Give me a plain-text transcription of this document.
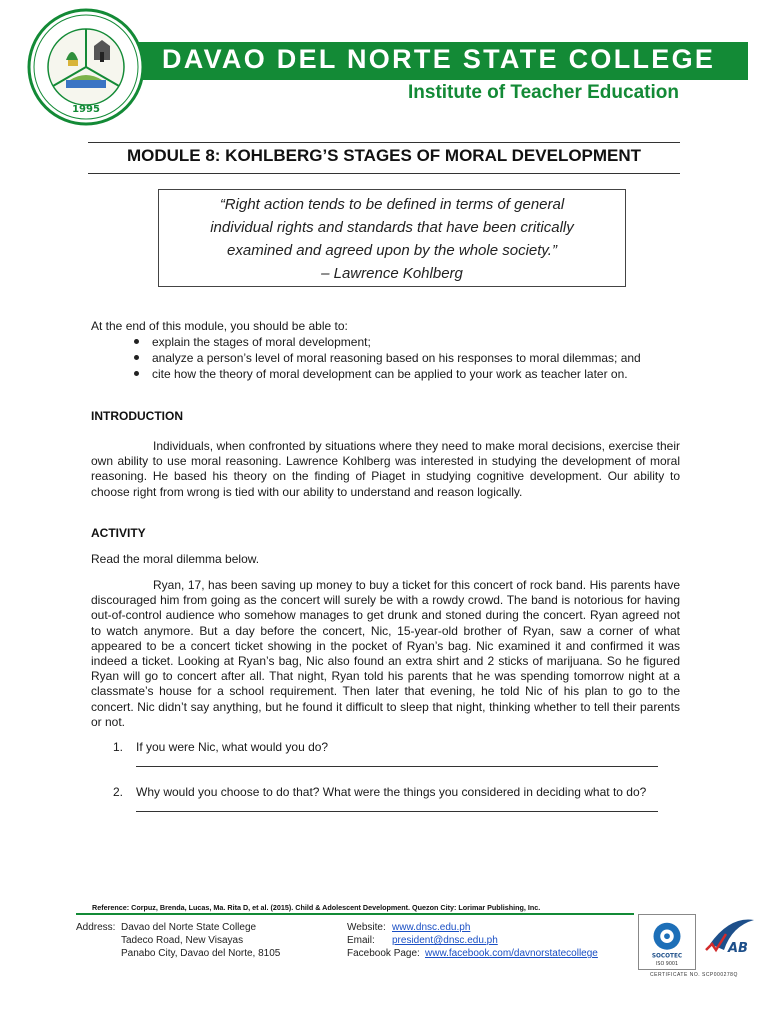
1995
DAVAO DEL NORTE STATE COLLEGE
Institute of Teacher Education
MODULE 8: KOHLBERG’S STAGES OF MORAL DEVELOPMENT
“Right action tends to be defined in terms of general
individual rights and standards that have been critically
examined and agreed upon by the whole society.”
– Lawrence Kohlberg
At the end of this module, you should be able to:
explain the stages of moral development;
analyze a person’s level of moral reasoning based on his responses to moral dilemmas; and
cite how the theory of moral development can be applied to your work as teacher later on.
INTRODUCTION
Individuals, when confronted by situations where they need to make moral decisions, exercise their own ability to use moral reasoning. Lawrence Kohlberg was interested in studying the development of moral reasoning. He based his theory on the finding of Piaget in studying cognitive development. Our ability to choose right from wrong is tied with our ability to understand and reason logically.
ACTIVITY
Read the moral dilemma below.
Ryan, 17, has been saving up money to buy a ticket for this concert of rock band. His parents have discouraged him from going as the concert will surely be with a rowdy crowd. The band is notorious for having out-of-control audience who somehow manages to get drunk and stoned during the concert. Ryan agreed not to watch anymore. But a day before the concert, Nic, 15-year-old brother of Ryan, saw a corner of what appeared to be a concert ticket showing in the pocket of Ryan’s bag. Nic examined it and confirmed it was indeed a ticket. Looking at Ryan’s bag, Nic also found an extra shirt and 2 sticks of marijuana. So he figured Ryan will go to concert after all. That night, Ryan told his parents that he was spending tomorrow night at a classmate’s house for a school requirement. Then later that evening, he told Nic of his plan to go to the concert. Nic didn’t say anything, but he found it difficult to sleep that night, thinking whether to tell their parents or not.
1. If you were Nic, what would you do?
2. Why would you choose to do that? What were the things you considered in deciding what to do?
Reference: Corpuz, Brenda, Lucas, Ma. Rita D, et al. (2015). Child & Adolescent Development. Quezon City: Lorimar Publishing, Inc.
Address: Davao del Norte State College
Tadeco Road, New Visayas
Panabo City, Davao del Norte, 8105
Website: www.dnsc.edu.ph
Email: president@dnsc.edu.ph
Facebook Page: www.facebook.com/davnorstatecollege	SOCOTEC
ISO 9001
AB
CERTIFICATE NO. SCP000278Q
